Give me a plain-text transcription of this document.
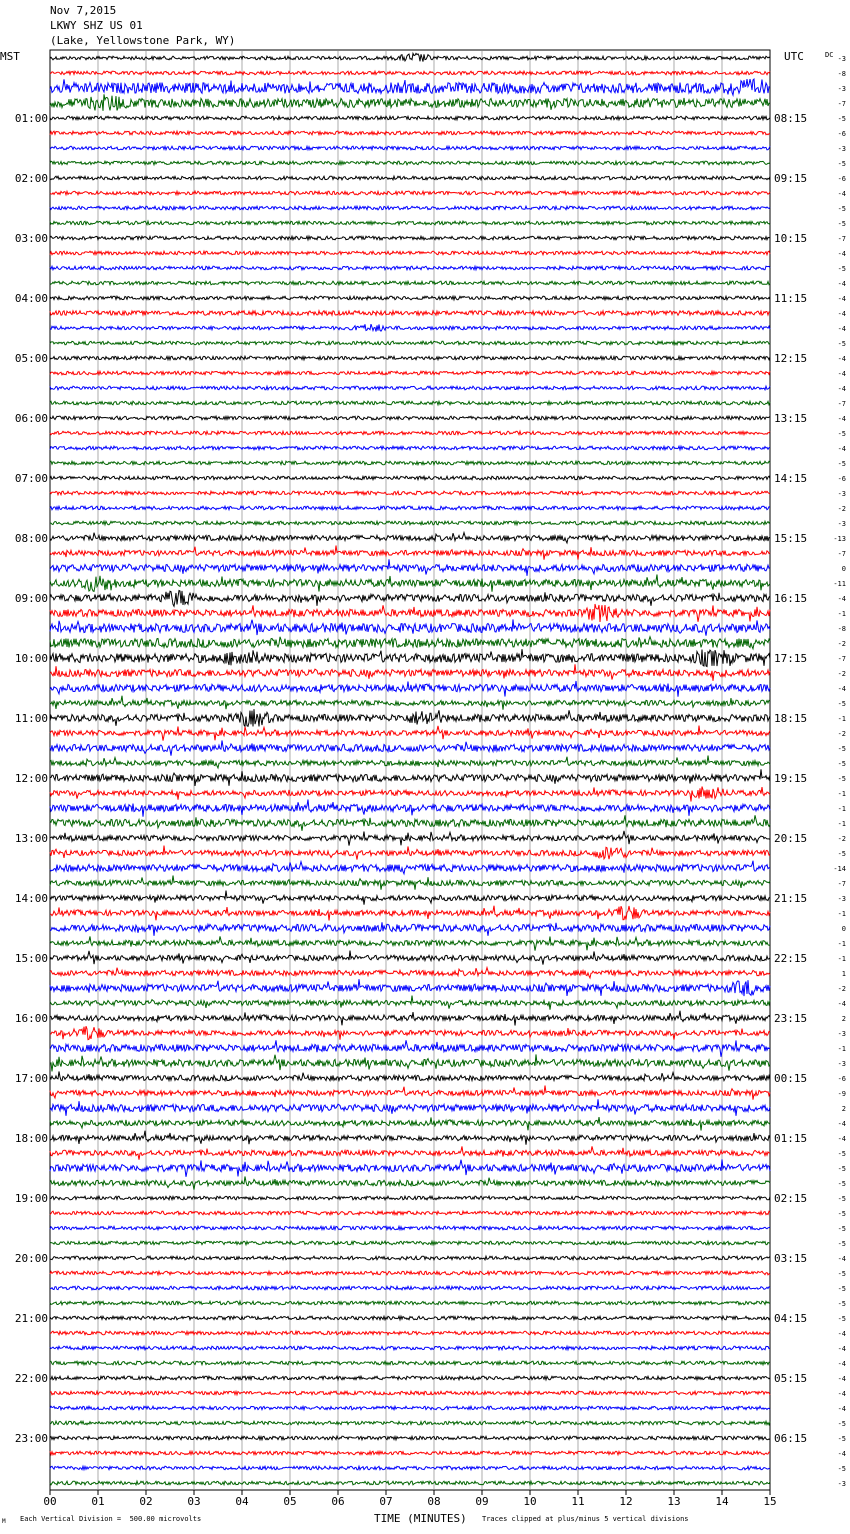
Nov 7,2015
LKWY SHZ US 01
(Lake, Yellowstone Park, WY)
MST	UTC	-3
-8
-3
-7
-5
-6
-3
-5
-6
-4
-5
-5
-7
-4
-5
-4
-4
-4
-4
-5
-4
-4
-4
-7
-4
-5
-4
-5
-6
-3
-2
-3
-13
-7
0
-11
-4
-1
-8
-2
-7
-2
-4
-5
-1
-2
-5
-5
-5
-1
-1
-1
-2
-5
-14
-7
-3
-1
0
-1
-1
1
-2
-4
2
-3
-1
-3
-6
-9
2
-4
-4
-5
-5
-5
-5
-5
-5
-5
-4
-5
-5
-5
-5
-4
-4
-4
-4
-4
-4
-5
-5
-4
-5
-3
DC
01:00	08:15
02:00	09:15
03:00	10:15
04:00	11:15
05:00	12:15
06:00	13:15
07:00	14:15
08:00	15:15
09:00	16:15
10:00	17:15
11:00	18:15
12:00	19:15
13:00	20:15
14:00	21:15
15:00	22:15
16:00	23:15
17:00	00:15
18:00	01:15
19:00	02:15
20:00	03:15
21:00	04:15
22:00	05:15
23:00	06:15
00	01	02	03	04	05	06	07	08	09	10	11	12	13	14	15
M Each Vertical Division =  500.00 microvolts	TIME (MINUTES) Traces clipped at plus/minus 5 vertical divisions
